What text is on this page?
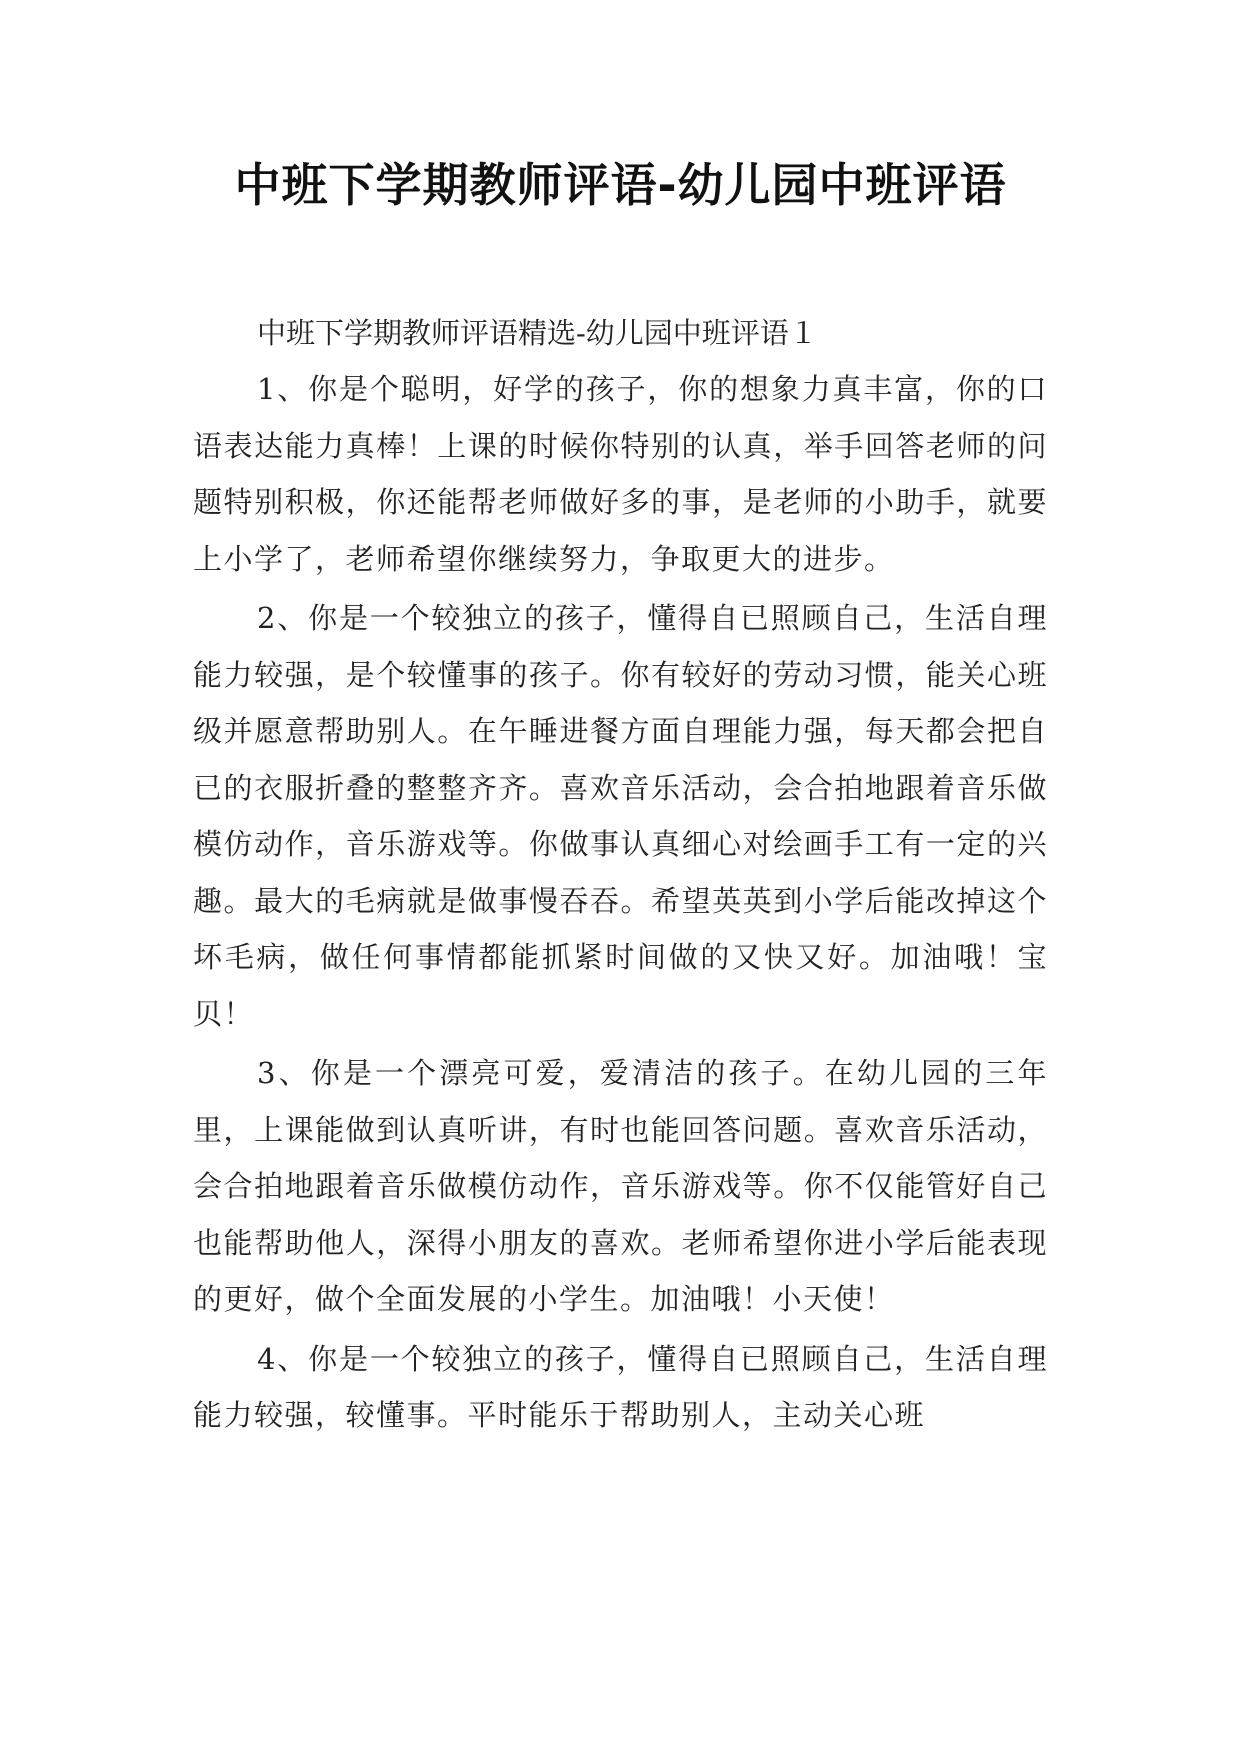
中班下学期教师评语-幼儿园中班评语

中班下学期教师评语精选-幼儿园中班评语１

1、你是个聪明，好学的孩子，你的想象力真丰富，你的口语表达能力真棒！上课的时候你特别的认真，举手回答老师的问题特别积极，你还能帮老师做好多的事，是老师的小助手，就要上小学了，老师希望你继续努力，争取更大的进步。

2、你是一个较独立的孩子，懂得自已照顾自己，生活自理能力较强，是个较懂事的孩子。你有较好的劳动习惯，能关心班级并愿意帮助别人。在午睡进餐方面自理能力强，每天都会把自已的衣服折叠的整整齐齐。喜欢音乐活动，会合拍地跟着音乐做模仿动作，音乐游戏等。你做事认真细心对绘画手工有一定的兴趣。最大的毛病就是做事慢吞吞。希望英英到小学后能改掉这个坏毛病，做任何事情都能抓紧时间做的又快又好。加油哦！宝贝！

3、你是一个漂亮可爱，爱清洁的孩子。在幼儿园的三年里，上课能做到认真听讲，有时也能回答问题。喜欢音乐活动，会合拍地跟着音乐做模仿动作，音乐游戏等。你不仅能管好自己也能帮助他人，深得小朋友的喜欢。老师希望你进小学后能表现的更好，做个全面发展的小学生。加油哦！小天使！

4、你是一个较独立的孩子，懂得自已照顾自己，生活自理能力较强，较懂事。平时能乐于帮助别人，主动关心班
